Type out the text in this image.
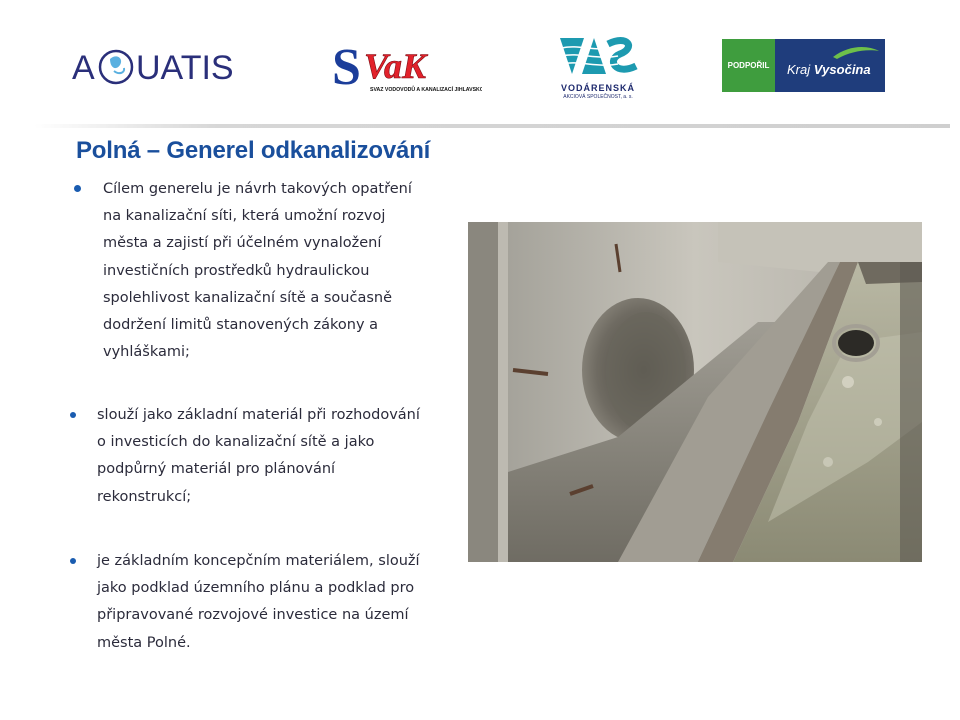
A UATIS S VaK
SVAZ VODOVODŮ A KANALIZACÍ JIHLAVSKO	VODÁRENSKÁ
AKCIOVÁ SPOLEČNOST, a. s.
PODPOŘIL	Kraj Vysočina
Polná – Generel odkanalizování
Cílem generelu je návrh takových opatření
na kanalizační síti, která umožní rozvoj
města a zajistí při účelném vynaložení
investičních prostředků hydraulickou
spolehlivost kanalizační sítě a současně
dodržení limitů stanovených zákony a
vyhláškami;
slouží jako základní materiál při rozhodování
o investicích do kanalizační sítě a jako
podpůrný materiál pro plánování
rekonstrukcí;
je základním koncepčním materiálem, slouží
jako podklad územního plánu a podklad pro
připravované rozvojové investice na území
města Polné.
